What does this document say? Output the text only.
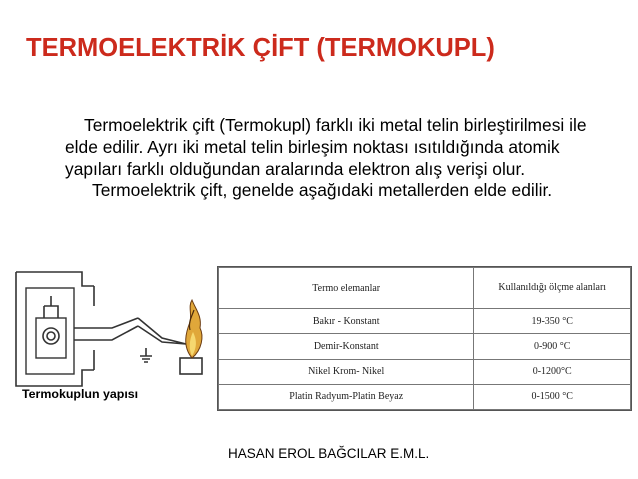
TERMOELEKTRİK ÇİFT (TERMOKUPL)

Termoelektrik çift (Termokupl) farklı iki metal telin birleştirilmesi ile elde edilir. Ayrı iki metal telin birleşim noktası ısıtıldığında atomik yapıları farklı olduğundan aralarında elektron alış verişi olur.

Termoelektrik çift, genelde aşağıdaki metallerden elde edilir.

Termokuplun yapısı
Termo elemanlar	Kullanıldığı ölçme alanları
Bakır - Konstant	19-350 °C
Demir-Konstant	0-900 °C
Nikel Krom- Nikel	0-1200°C
Platin Radyum-Platin Beyaz	0-1500 °C
HASAN EROL BAĞCILAR E.M.L.
